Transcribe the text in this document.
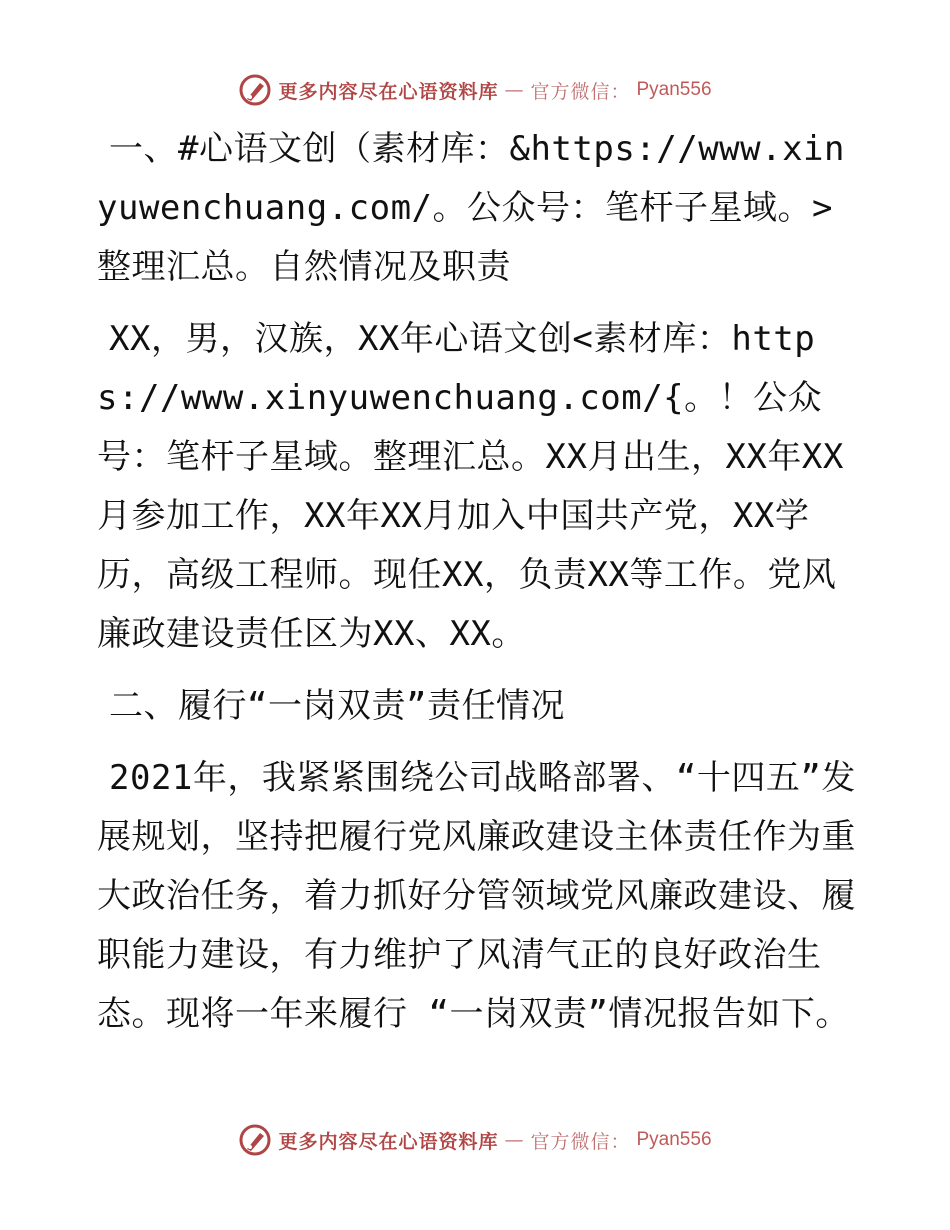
更多内容尽在心语资料库 — 官方微信： Pyan556

一、#心语文创（素材库：&https://www.xinyuwenchuang.com/。公众号：笔杆子星域。>整理汇总。自然情况及职责

XX，男，汉族，XX年心语文创<素材库：https://www.xinyuwenchuang.com/{。！公众号：笔杆子星域。整理汇总。XX月出生，XX年XX月参加工作，XX年XX月加入中国共产党，XX学历，高级工程师。现任XX，负责XX等工作。党风廉政建设责任区为XX、XX。

二、履行“一岗双责”责任情况

2021年，我紧紧围绕公司战略部署、“十四五”发展规划，坚持把履行党风廉政建设主体责任作为重大政治任务，着力抓好分管领域党风廉政建设、履职能力建设，有力维护了风清气正的良好政治生态。现将一年来履行 “一岗双责”情况报告如下。

更多内容尽在心语资料库 — 官方微信： Pyan556
